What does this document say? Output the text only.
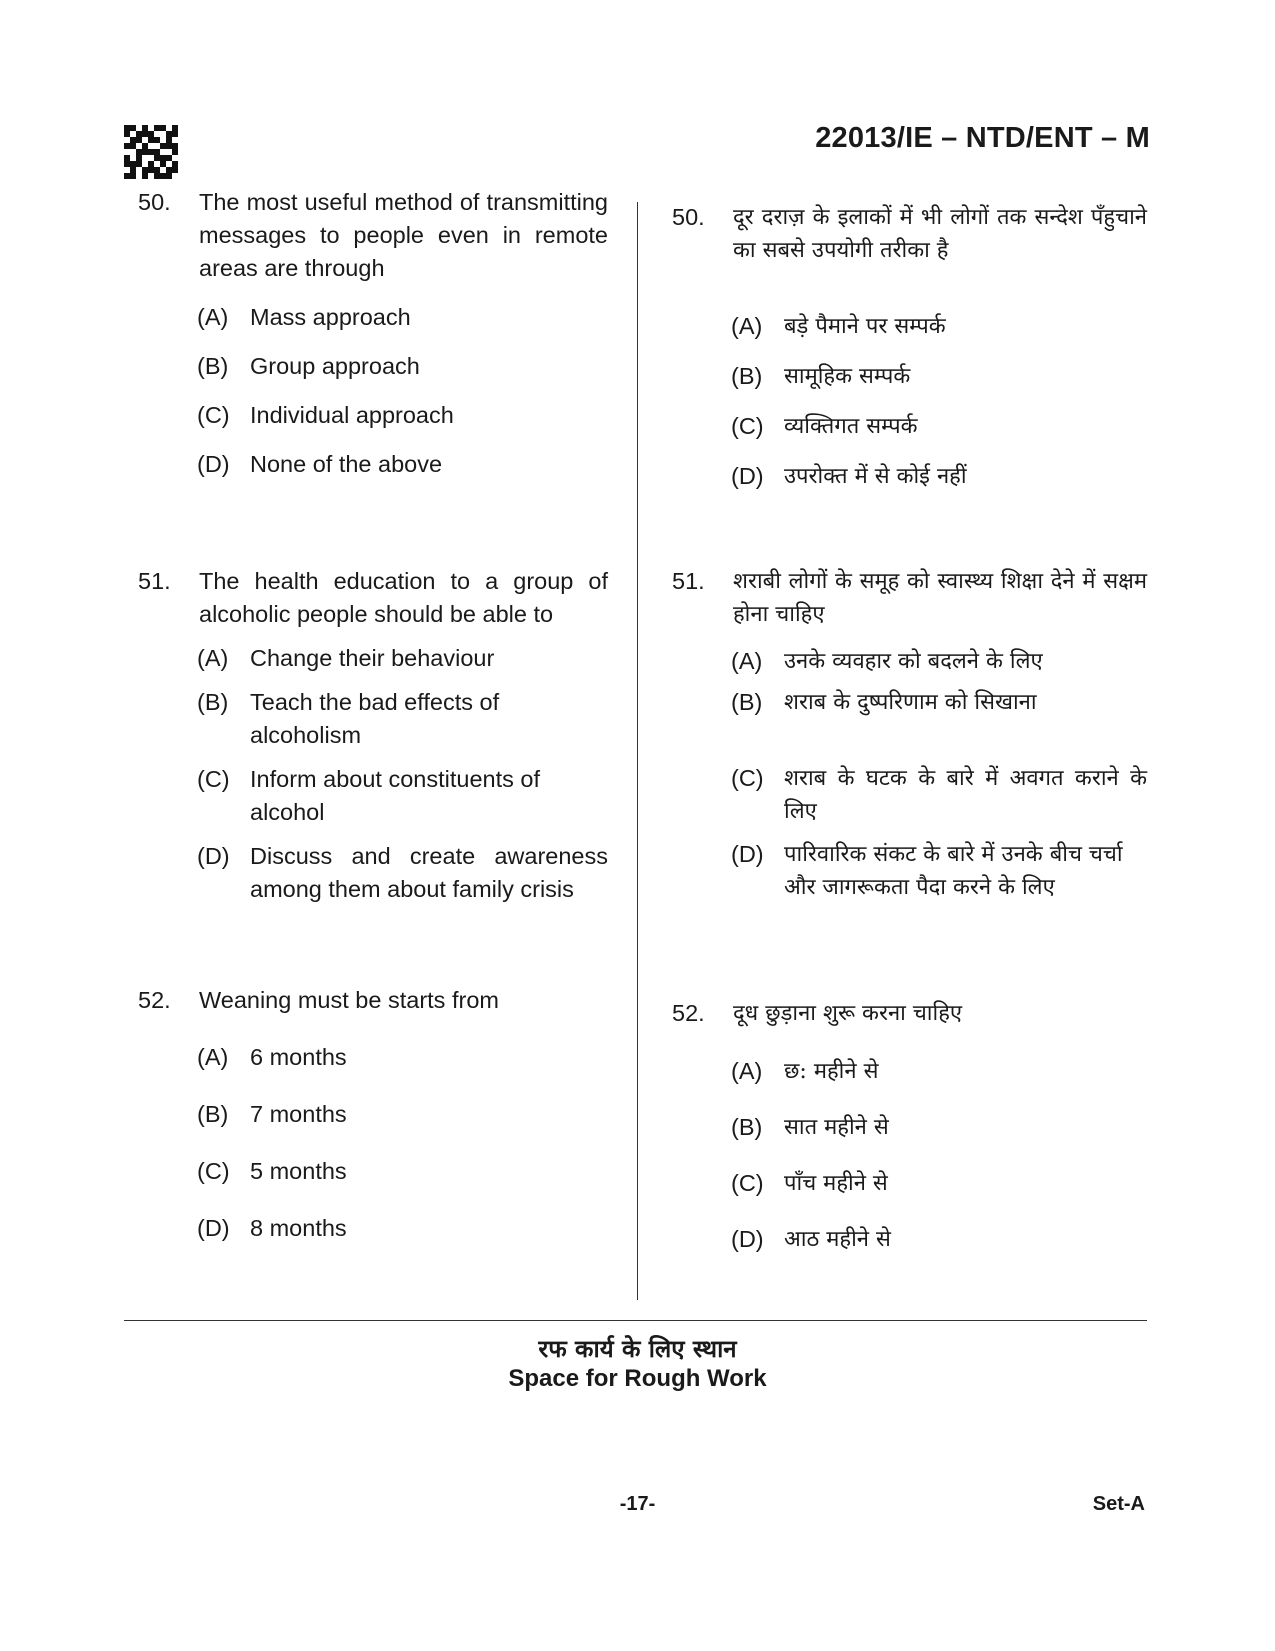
22013/IE – NTD/ENT – M
50. The most useful method of transmitting messages to people even in remote areas are through
(A) Mass approach
(B) Group approach
(C) Individual approach
(D) None of the above
51. The health education to a group of alcoholic people should be able to
(A) Change their behaviour
(B) Teach the bad effects of alcoholism
(C) Inform about constituents of alcohol
(D) Discuss and create awareness among them about family crisis
52. Weaning must be starts from
(A) 6 months
(B) 7 months
(C) 5 months
(D) 8 months
50. दूर दराज़ के इलाकों में भी लोगों तक सन्देश पँहुचाने का सबसे उपयोगी तरीका है
(A) बड़े पैमाने पर सम्पर्क
(B) सामूहिक सम्पर्क
(C) व्यक्तिगत सम्पर्क
(D) उपरोक्त में से कोई नहीं
51. शराबी लोगों के समूह को स्वास्थ्य शिक्षा देने में सक्षम होना चाहिए
(A) उनके व्यवहार को बदलने के लिए
(B) शराब के दुष्परिणाम को सिखाना
(C) शराब के घटक के बारे में अवगत कराने के लिए
(D) पारिवारिक संकट के बारे में उनके बीच चर्चा और जागरूकता पैदा करने के लिए
52. दूध छुड़ाना शुरू करना चाहिए
(A) छ: महीने से
(B) सात महीने से
(C) पाँच महीने से
(D) आठ महीने से
रफ कार्य के लिए स्थान
Space for Rough Work
-17-	Set-A
